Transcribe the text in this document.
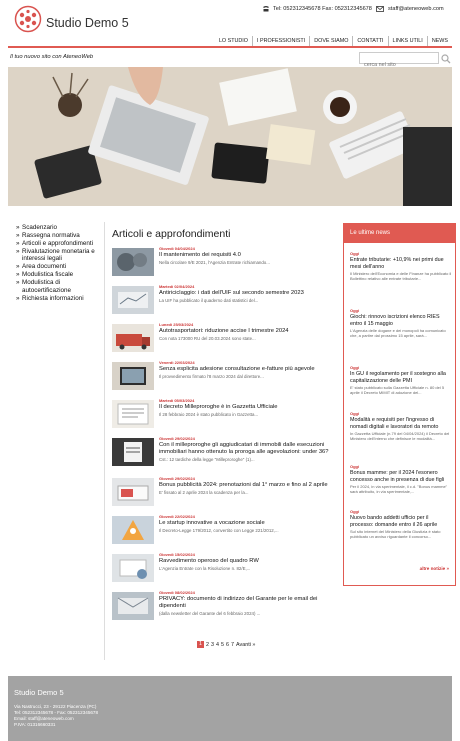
Studio Demo 5
Tel: 052312345678 Fax: 052312345678	staff@ateneoweb.com
LO STUDIO	I PROFESSIONISTI	DOVE SIAMO	CONTATTI	LINKS UTILI	NEWS
Il tuo nuovo sito con AteneoWeb
cerca nel sito
» Scadenzario
» Rassegna normativa
» Articoli e approfondimenti
» Rivalutazione monetaria e interessi legali
» Area documenti
» Modulistica fiscale
» Modulistica di autocertificazione
» Richiesta informazioni
Articoli e approfondimenti
Giovedì 04/04/2024
Il mantenimento dei requisiti 4.0
Nella circolare 9/E 2021, l'Agenzia Entrate richiamando...
Martedì 02/04/2024
Antiriciclaggio: i dati dell'UIF sul secondo semestre 2023
La UIF ha pubblicato il quaderno dati statistici del...
Lunedì 25/03/2024
Autotrasportatori: riduzione accise I trimestre 2024
Con nota 173000 RU del 20.03.2024 sono state...
Venerdì 22/03/2024
Senza esplicita adesione consultazione e-fatture più agevole
Il provvedimento firmato l'8 marzo 2024 dal direttore...
Martedì 05/03/2024
Il decreto Milleproroghe è in Gazzetta Ufficiale
Il 28 febbraio 2024 è stato pubblicato in Gazzetta...
Giovedì 29/02/2024
Con il milleproroghe gli aggiudicatari di immobili dalle esecuzioni immobiliari hanno ottenuto la proroga alle agevolazioni: under 36?
Cst.: 12 tardiche della legge "Milleproroghe" (1)...
Giovedì 29/02/2024
Bonus pubblicità 2024: prenotazioni dal 1° marzo e fino al 2 aprile
E' fissato al 2 aprile 2024 la scadenza per la...
Giovedì 22/02/2024
Le startup innovative a vocazione sociale
Il Decreto-Legge 179/2012, convertito con Legge 221/2012,...
Giovedì 15/02/2024
Ravvedimento operoso del quadro RW
L'Agenzia Entrate con la Risoluzione n. 82/E,...
Giovedì 08/02/2024
PRIVACY: documento di indirizzo del Garante per le email dei dipendenti
(dalla newsletter del Garante del 6 febbraio 2024) ...
1 2 3 4 5 6 7 Avanti »
Le ultime news
Oggi
Entrate tributarie: +10,9% nei primi due mesi dell'anno
Il Ministero dell'Economia e delle Finanze ha pubblicato il Bollettino relativo alle entrate tributarie...
Oggi
Giochi: rinnovo iscrizioni elenco RIES entro il 15 maggio
L'Agenzia delle dogane e dei monopoli ha comunicato che, a partire dal prossimo 15 aprile, sarà...
Oggi
In GU il regolamento per il sostegno alla capitalizzazione delle PMI
E' stato pubblicato sulla Gazzetta Ufficiale n. 80 del 5 aprile il Decreto MIMIT di adozione del...
Oggi
Modalità e requisiti per l'ingresso di nomadi digitali e lavoratori da remoto
In Gazzetta Ufficiale (n.79 del 04/04/2024) il Decreto del Ministero dell'Interno che definisce le modalità...
Oggi
Bonus mamme: per il 2024 l'esonero concesso anche in presenza di due figli
Per il 2024, in via sperimentale, il c.d. "Bonus mamme" sarà attribuito, in via sperimentale,...
Oggi
Nuovo bando addetti ufficio per il processo: domande entro il 26 aprile
Sul sito internet del Ministero della Giustizia è stato pubblicato un avviso riguardante il concorso...
altre notizie »
Studio Demo 5
Via Nastrucci, 23 - 29122 Piacenza (PC)
Tel: 052312345678 - Fax: 052312345678
Email: staff@ateneoweb.com
P.IVA: 01316660331
